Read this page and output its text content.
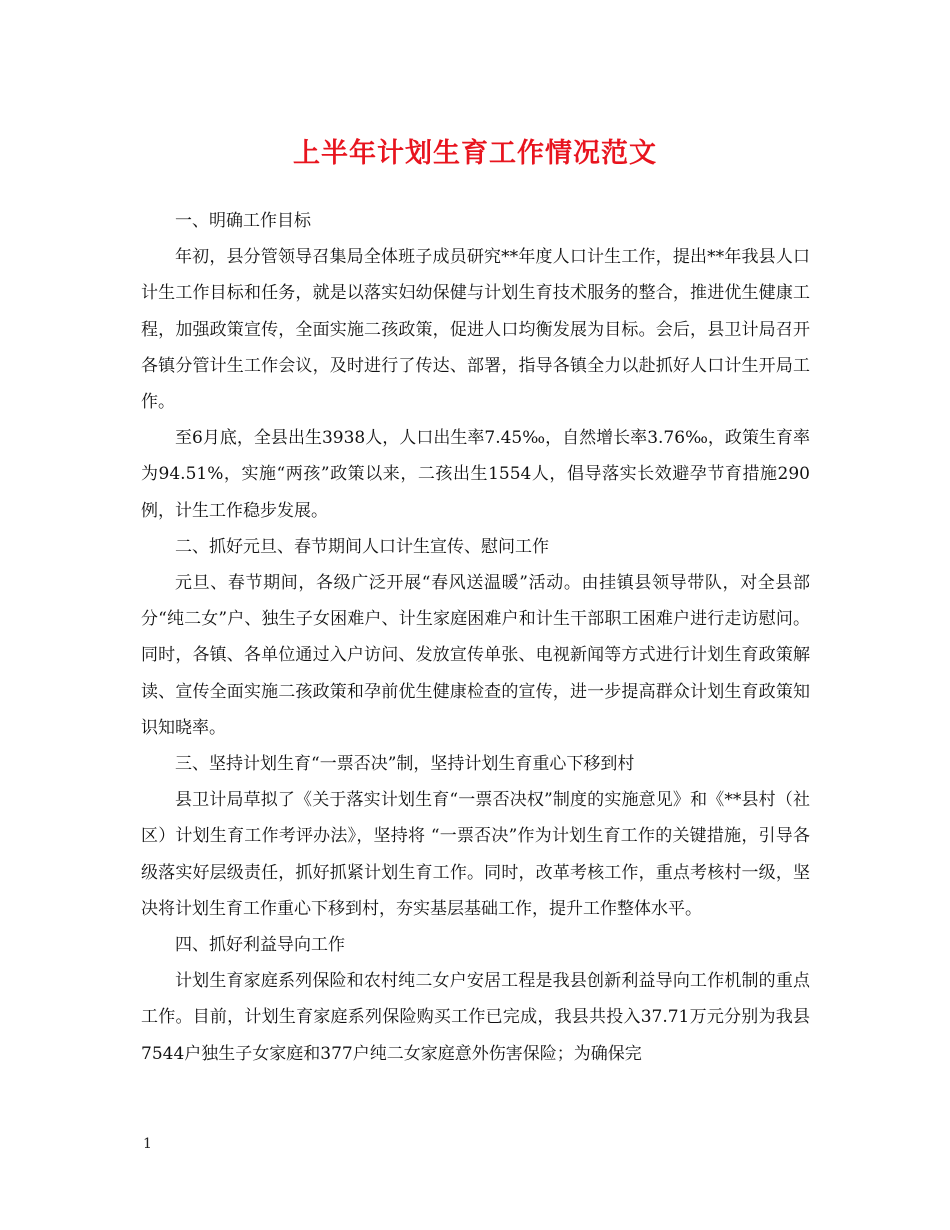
上半年计划生育工作情况范文

一、明确工作目标

年初，县分管领导召集局全体班子成员研究**年度人口计生工作，提出**年我县人口计生工作目标和任务，就是以落实妇幼保健与计划生育技术服务的整合，推进优生健康工程，加强政策宣传，全面实施二孩政策，促进人口均衡发展为目标。会后，县卫计局召开各镇分管计生工作会议，及时进行了传达、部署，指导各镇全力以赴抓好人口计生开局工作。

至6月底，全县出生3938人，人口出生率7.45‰，自然增长率3.76‰，政策生育率为94.51%，实施“两孩”政策以来，二孩出生1554人，倡导落实长效避孕节育措施290例，计生工作稳步发展。

二、抓好元旦、春节期间人口计生宣传、慰问工作

元旦、春节期间，各级广泛开展“春风送温暖”活动。由挂镇县领导带队，对全县部分“纯二女”户、独生子女困难户、计生家庭困难户和计生干部职工困难户进行走访慰问。同时，各镇、各单位通过入户访问、发放宣传单张、电视新闻等方式进行计划生育政策解读、宣传全面实施二孩政策和孕前优生健康检查的宣传，进一步提高群众计划生育政策知识知晓率。

三、坚持计划生育“一票否决”制，坚持计划生育重心下移到村

县卫计局草拟了《关于落实计划生育“一票否决权”制度的实施意见》和《**县村（社区）计划生育工作考评办法》，坚持将 “一票否决”作为计划生育工作的关键措施，引导各级落实好层级责任，抓好抓紧计划生育工作。同时，改革考核工作，重点考核村一级，坚决将计划生育工作重心下移到村，夯实基层基础工作，提升工作整体水平。

四、抓好利益导向工作

计划生育家庭系列保险和农村纯二女户安居工程是我县创新利益导向工作机制的重点工作。目前，计划生育家庭系列保险购买工作已完成，我县共投入37.71万元分别为我县7544户独生子女家庭和377户纯二女家庭意外伤害保险；为确保完

1
